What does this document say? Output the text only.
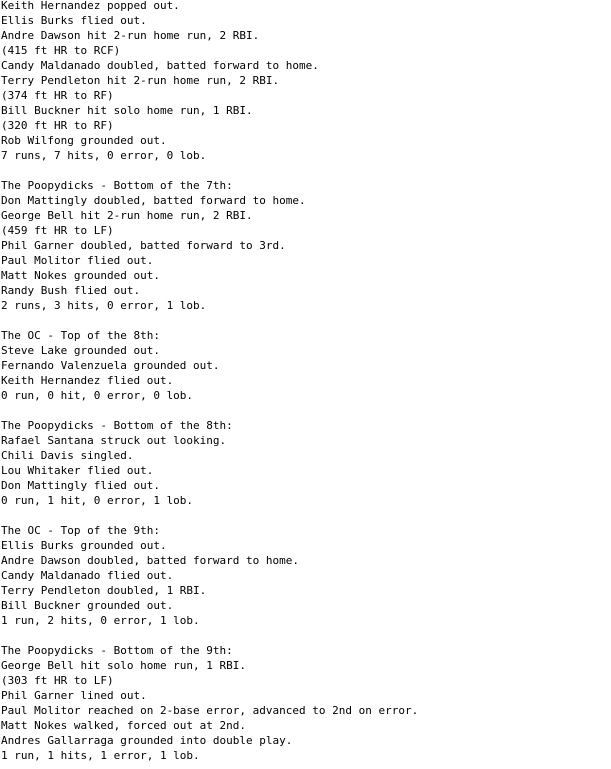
Keith Hernandez popped out.
Ellis Burks flied out.
Andre Dawson hit 2-run home run, 2 RBI.
(415 ft HR to RCF)
Candy Maldanado doubled, batted forward to home.
Terry Pendleton hit 2-run home run, 2 RBI.
(374 ft HR to RF)
Bill Buckner hit solo home run, 1 RBI.
(320 ft HR to RF)
Rob Wilfong grounded out.
7 runs, 7 hits, 0 error, 0 lob.
The Poopydicks - Bottom of the 7th:
Don Mattingly doubled, batted forward to home.
George Bell hit 2-run home run, 2 RBI.
(459 ft HR to LF)
Phil Garner doubled, batted forward to 3rd.
Paul Molitor flied out.
Matt Nokes grounded out.
Randy Bush flied out.
2 runs, 3 hits, 0 error, 1 lob.
The OC - Top of the 8th:
Steve Lake grounded out.
Fernando Valenzuela grounded out.
Keith Hernandez flied out.
0 run, 0 hit, 0 error, 0 lob.
The Poopydicks - Bottom of the 8th:
Rafael Santana struck out looking.
Chili Davis singled.
Lou Whitaker flied out.
Don Mattingly flied out.
0 run, 1 hit, 0 error, 1 lob.
The OC - Top of the 9th:
Ellis Burks grounded out.
Andre Dawson doubled, batted forward to home.
Candy Maldanado flied out.
Terry Pendleton doubled, 1 RBI.
Bill Buckner grounded out.
1 run, 2 hits, 0 error, 1 lob.
The Poopydicks - Bottom of the 9th:
George Bell hit solo home run, 1 RBI.
(303 ft HR to LF)
Phil Garner lined out.
Paul Molitor reached on 2-base error, advanced to 2nd on error.
Matt Nokes walked, forced out at 2nd.
Andres Gallarraga grounded into double play.
1 run, 1 hits, 1 error, 1 lob.
